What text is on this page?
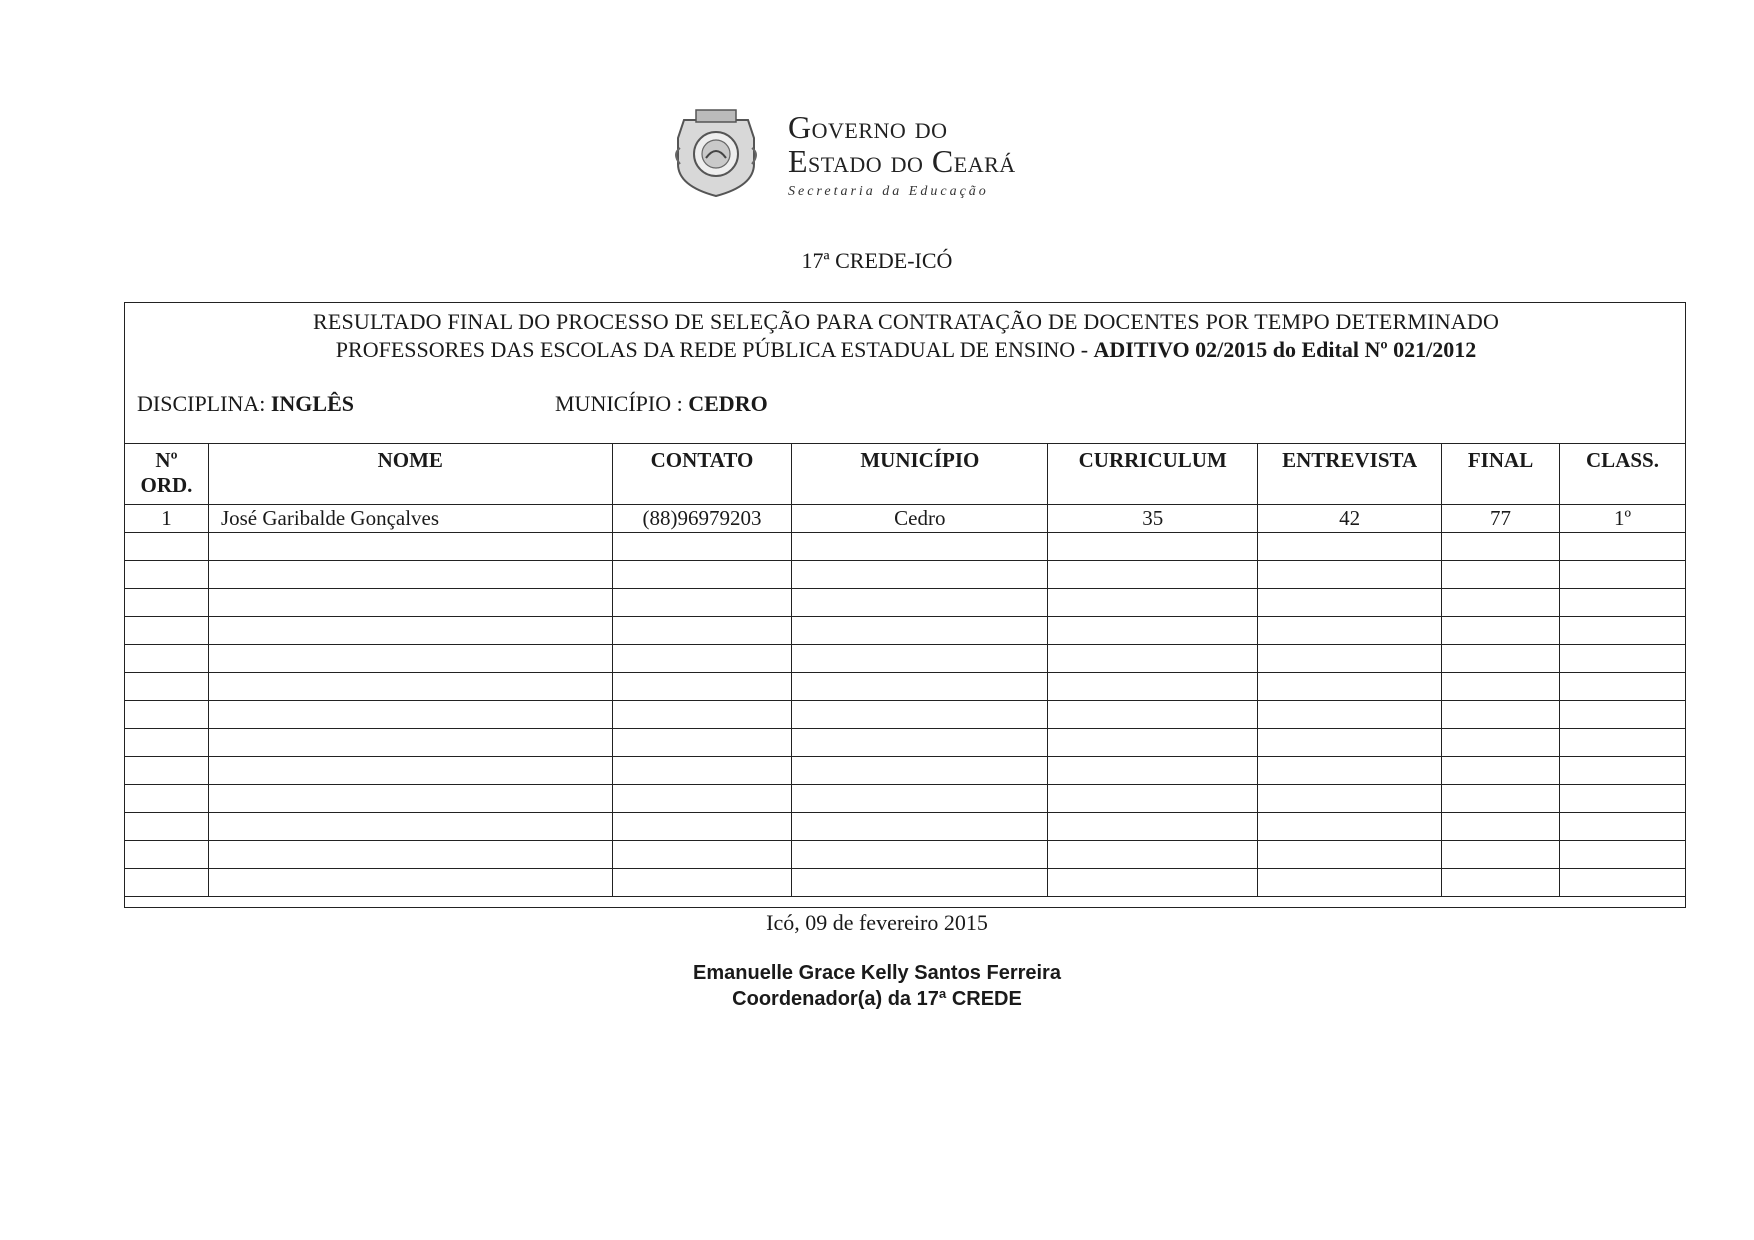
GOVERNO DO
ESTADO DO CEARÁ
Secretaria da Educação
17ª CREDE-ICÓ
RESULTADO FINAL DO PROCESSO DE SELEÇÃO PARA CONTRATAÇÃO DE DOCENTES POR TEMPO DETERMINADO
PROFESSORES DAS ESCOLAS DA REDE PÚBLICA ESTADUAL DE ENSINO - ADITIVO 02/2015 do Edital Nº 021/2012
DISCIPLINA: INGLÊS	MUNICÍPIO : CEDRO
Nº
ORD.	NOME	CONTATO	MUNICÍPIO	CURRICULUM	ENTREVISTA	FINAL	CLASS.
1	José Garibalde Gonçalves	(88)96979203	Cedro	35	42	77	1º

Icó, 09 de fevereiro 2015
Emanuelle Grace Kelly Santos Ferreira
Coordenador(a) da 17ª CREDE
